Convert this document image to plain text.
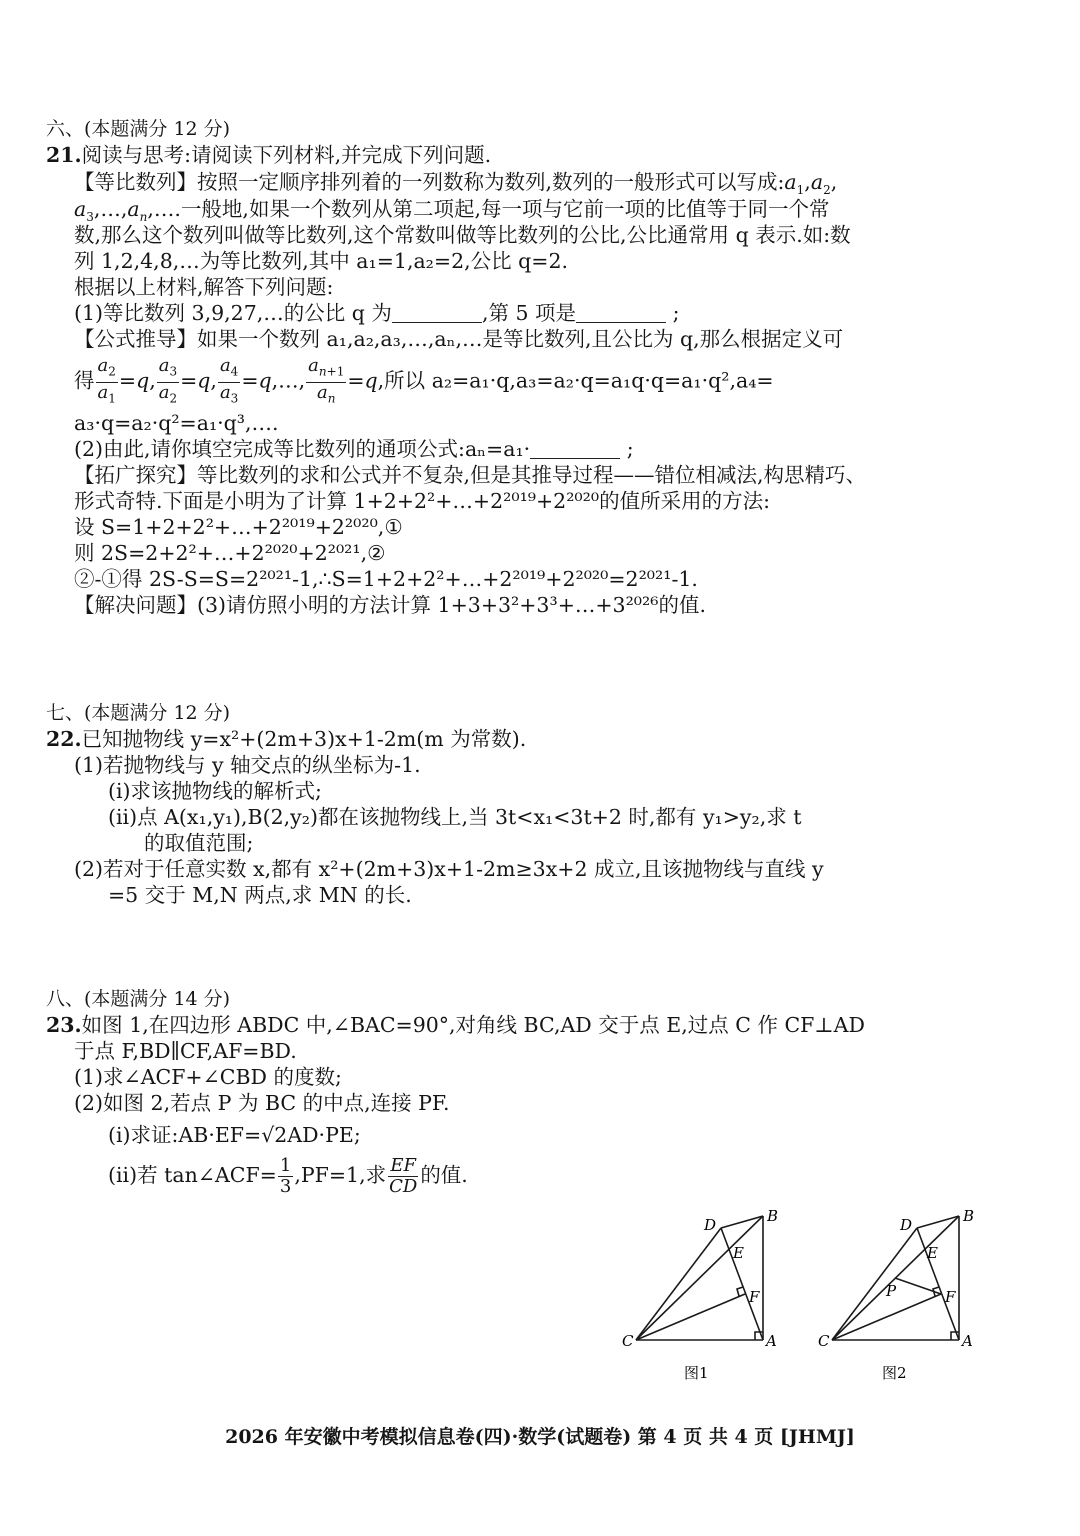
六、(本题满分 12 分)
21.阅读与思考:请阅读下列材料,并完成下列问题.
【等比数列】按照一定顺序排列着的一列数称为数列,数列的一般形式可以写成$:a_1,a_2$,
$a_3,\dots,a_n,\dots$.一般地,如果一个数列从第二项起,每一项与它前一项的比值等于同一个常
数,那么这个数列叫做等比数列,这个常数叫做等比数列的公比,公比通常用 q 表示.如:数
列 1,2,4,8,…为等比数列,其中 a₁=1,a₂=2,公比 q=2.
根据以上材料,解答下列问题:
(1)等比数列 3,9,27,…的公比 q 为	,第 5 项是	;
【公式推导】如果一个数列 a₁,a₂,a₃,…,aₙ,…是等比数列,且公比为 q,那么根据定义可
得 $\frac{a_2}{a_1} =q$, $\frac{a_3}{a_2} =q$, $\frac{a_4}{a_3}$ =q,…, $\frac{a_{n+1}}{a_n} =q$,所以 a₂=a₁·q,a₃=a₂·q=a₁q·q=a₁·q²,a₄=
a₃·q=a₂·q²=a₁·q³,….
(2)由此,请你填空完成等比数列的通项公式:aₙ=a₁·	;
【拓广探究】等比数列的求和公式并不复杂,但是其推导过程——错位相减法,构思精巧、
形式奇特.下面是小明为了计算 1+2+2²+…+2²⁰¹⁹+2²⁰²⁰的值所采用的方法:
设 S=1+2+2²+…+2²⁰¹⁹+2²⁰²⁰,①
则 2S=2+2²+…+2²⁰²⁰+2²⁰²¹,②
②-①得 2S-S=S=2²⁰²¹-1,∴S=1+2+2²+…+2²⁰¹⁹+2²⁰²⁰=2²⁰²¹-1.
【解决问题】(3)请仿照小明的方法计算 1+3+3²+3³+…+3²⁰²⁶的值.
七、(本题满分 12 分)
22.已知抛物线 y=x²+(2m+3)x+1-2m(m 为常数).
(1)若抛物线与 y 轴交点的纵坐标为-1.
(i)求该抛物线的解析式;
(ii)点 A(x₁,y₁),B(2,y₂)都在该抛物线上,当 3t<x₁<3t+2 时,都有 y₁>y₂,求 t
的取值范围;
(2)若对于任意实数 x,都有 x²+(2m+3)x+1-2m≥3x+2 成立,且该抛物线与直线 y
=5 交于 M,N 两点,求 MN 的长.
八、(本题满分 14 分)
23.如图 1,在四边形 ABDC 中,∠BAC=90°,对角线 BC,AD 交于点 E,过点 C 作 CF⊥AD
于点 F,BD∥CF,AF=BD.
(1)求∠ACF+∠CBD 的度数;
(2)如图 2,若点 P 为 BC 的中点,连接 PF.
(i)求证:AB·EF=√2AD·PE;
(ii)若 tan∠ACF= $\frac{1}{3} ,PF=1$,求 $\frac{EF}{CD}$ 的值.
D	B
E
F
C	A
图1
D	B
E
P	F
C	A
图2
2026 年安徽中考模拟信息卷(四)·数学(试题卷) 第 4 页 共 4 页 [JHMJ]
